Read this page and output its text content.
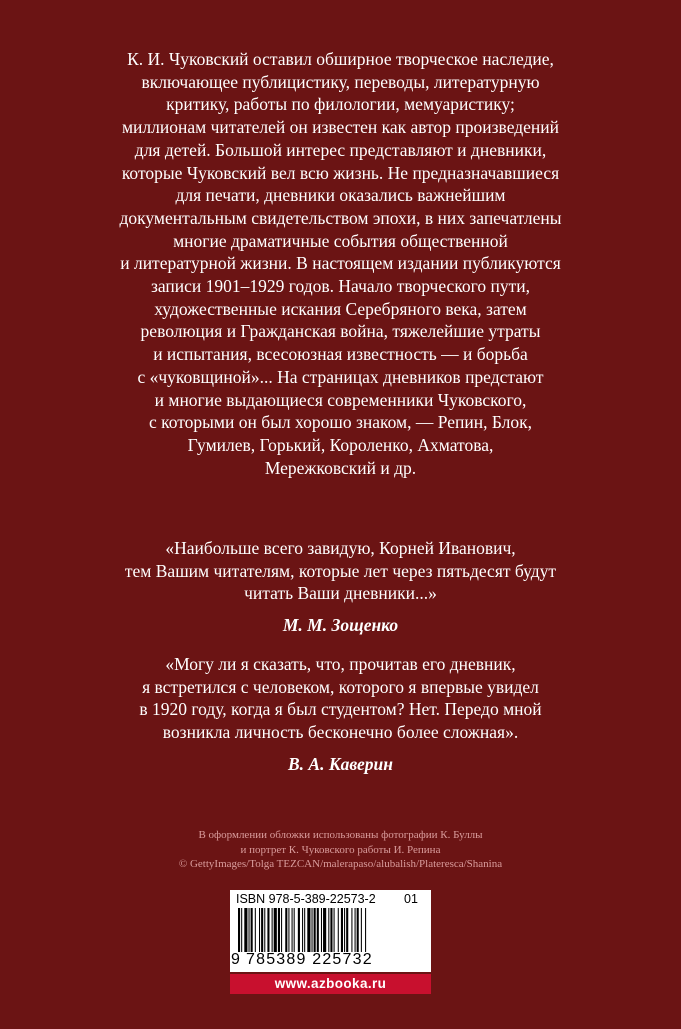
К. И. Чуковский оставил обширное творческое наследие,

включающее публицистику, переводы, литературную

критику, работы по филологии, мемуаристику;

миллионам читателей он известен как автор произведений

для детей. Большой интерес представляют и дневники,

которые Чуковский вел всю жизнь. Не предназначавшиеся

для печати, дневники оказались важнейшим

документальным свидетельством эпохи, в них запечатлены

многие драматичные события общественной

и литературной жизни. В настоящем издании публикуются

записи 1901–1929 годов. Начало творческого пути,

художественные искания Серебряного века, затем

революция и Гражданская война, тяжелейшие утраты

и испытания, всесоюзная известность — и борьба

с «чуковщиной»... На страницах дневников предстают

и многие выдающиеся современники Чуковского,

с которыми он был хорошо знаком, — Репин, Блок,

Гумилев, Горький, Короленко, Ахматова,

Мережковский и др.

«Наибольше всего завидую, Корней Иванович,

тем Вашим читателям, которые лет через пятьдесят будут

читать Ваши дневники...»

М. М. Зощенко

«Могу ли я сказать, что, прочитав его дневник,

я встретился с человеком, которого я впервые увидел

в 1920 году, когда я был студентом? Нет. Передо мной

возникла личность бесконечно более сложная».

В. А. Каверин
В оформлении обложки использованы фотографии К. Буллы
и портрет К. Чуковского работы И. Репина
© GettyImages/Tolga TEZCAN/malerapaso/alubalish/Plateresca/Shanina
ISBN 978-5-389-22573-2 01
9 785389 225732
www.azbooka.ru
